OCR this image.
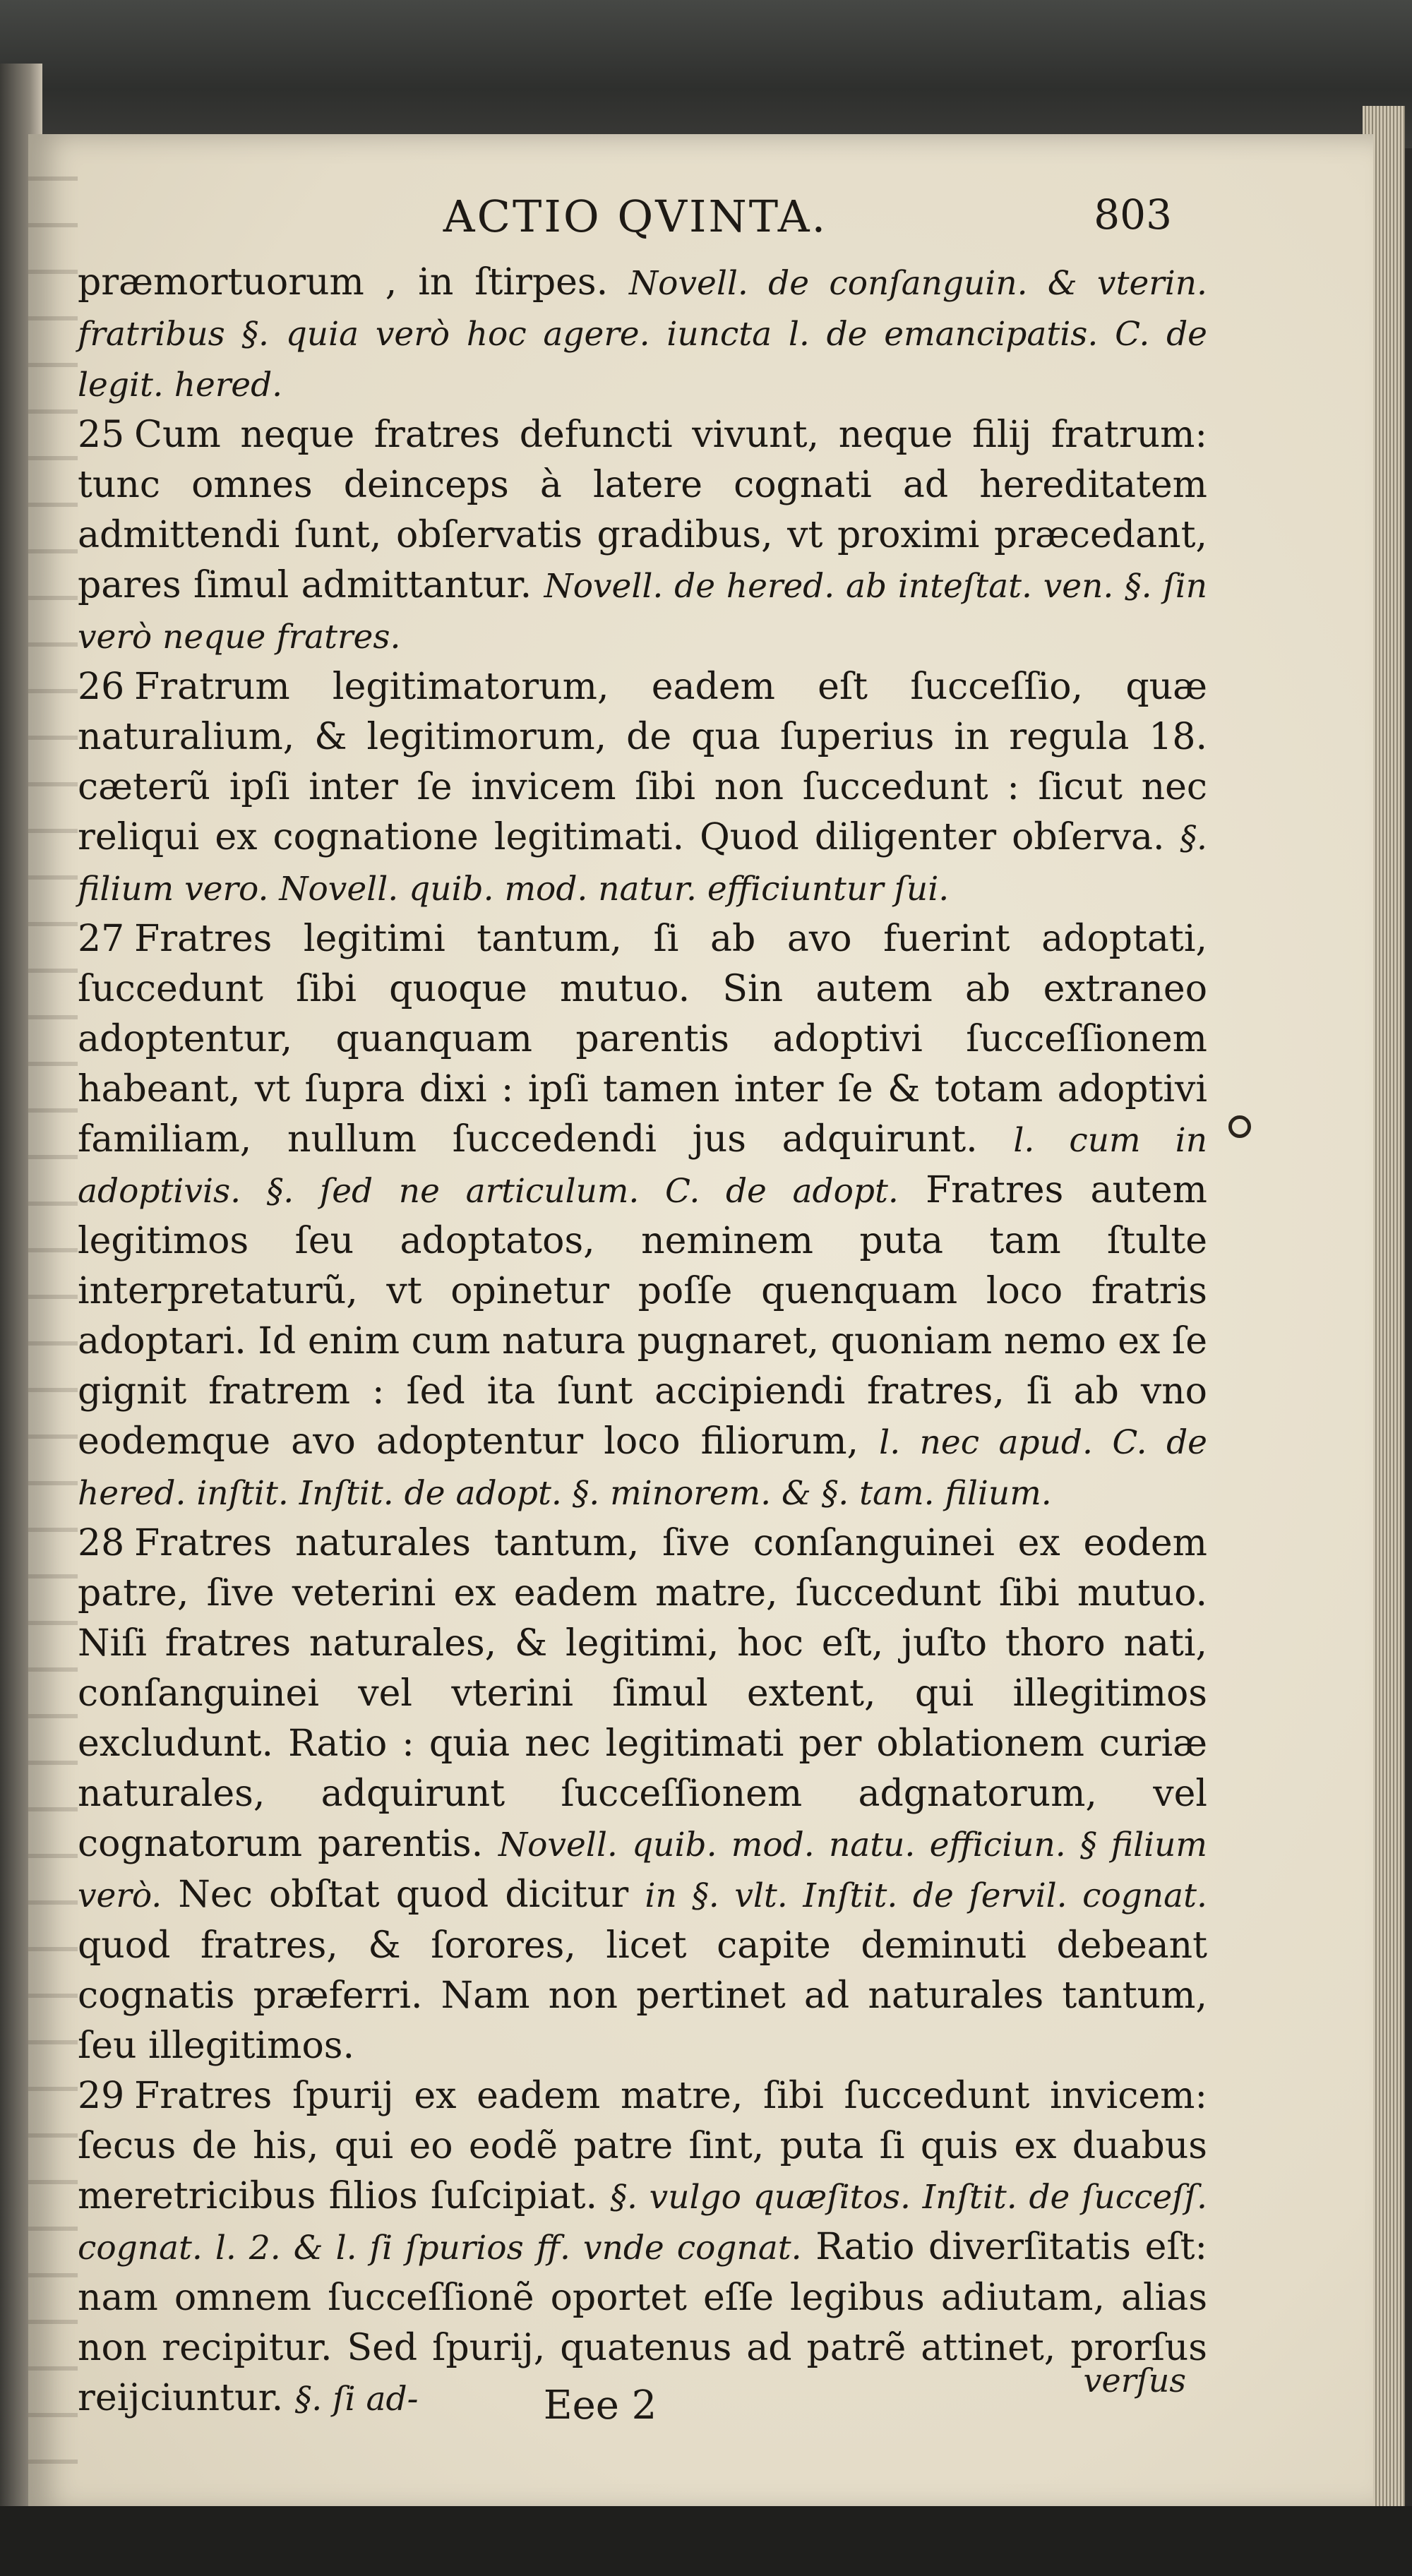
ACTIO QVINTA.	803

præmortuorum , in ſtirpes. Novell. de conſanguin. & vterin. fratribus §. quia verò hoc agere. iuncta l. de emancipatis. C. de legit. hered.

25 Cum neque fratres defuncti vivunt, neque filij fratrum: tunc omnes deinceps à latere cognati ad hereditatem admittendi ſunt, obſervatis gradibus, vt proximi præcedant, pares ſimul admittantur. Novell. de hered. ab inteſtat. ven. §. ſin verò neque fratres.

26 Fratrum legitimatorum, eadem eſt ſucceſſio, quæ naturalium, & legitimorum, de qua ſuperius in regula 18. cæterũ ipſi inter ſe invicem ſibi non ſuccedunt : ſicut nec reliqui ex cognatione legitimati. Quod diligenter obſerva. §. filium vero. Novell. quib. mod. natur. efficiuntur ſui.

27 Fratres legitimi tantum, ſi ab avo fuerint adoptati, ſuccedunt ſibi quoque mutuo. Sin autem ab extraneo adoptentur, quanquam parentis adoptivi ſucceſſionem habeant, vt ſupra dixi : ipſi tamen inter ſe & totam adoptivi familiam, nullum ſuccedendi jus adquirunt. l. cum in adoptivis. §. ſed ne articulum. C. de adopt. Fratres autem legitimos ſeu adoptatos, neminem puta tam ſtulte interpretaturũ, vt opinetur poſſe quenquam loco fratris adoptari. Id enim cum natura pugnaret, quoniam nemo ex ſe gignit fratrem : ſed ita ſunt accipiendi fratres, ſi ab vno eodemque avo adoptentur loco filiorum, l. nec apud. C. de hered. inſtit. Inſtit. de adopt. §. minorem. & §. tam. filium.

28 Fratres naturales tantum, ſive conſanguinei ex eodem patre, ſive veterini ex eadem matre, ſuccedunt ſibi mutuo. Niſi fratres naturales, & legitimi, hoc eſt, juſto thoro nati, conſanguinei vel vterini ſimul extent, qui illegitimos excludunt. Ratio : quia nec legitimati per oblationem curiæ naturales, adquirunt ſucceſſionem adgnatorum, vel cognatorum parentis. Novell. quib. mod. natu. efficiun. § filium verò. Nec obſtat quod dicitur in §. vlt. Inſtit. de ſervil. cognat. quod fratres, & ſorores, licet capite deminuti debeant cognatis præferri. Nam non pertinet ad naturales tantum, ſeu illegitimos.

29 Fratres ſpurij ex eadem matre, ſibi ſuccedunt invicem: ſecus de his, qui eo eodẽ patre ſint, puta ſi quis ex duabus meretricibus filios ſuſcipiat. §. vulgo quæſitos. Inſtit. de ſucceſſ. cognat. l. 2. & l. ſi ſpurios ff. vnde cognat. Ratio diverſitatis eſt: nam omnem ſucceſſionẽ oportet eſſe legibus adiutam, alias non recipitur. Sed ſpurij, quatenus ad patrẽ attinet, prorſus reijciuntur. §. ſi ad-	Eee 2
verſus
